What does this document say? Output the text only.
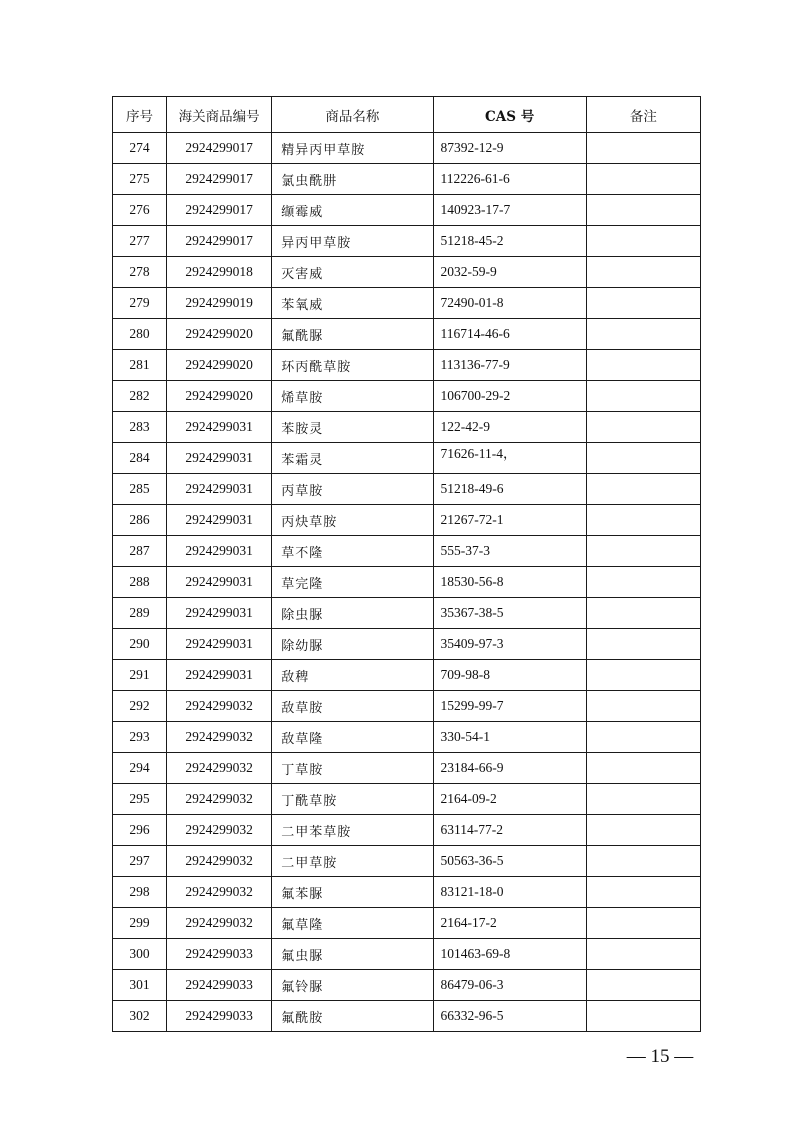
序号	海关商品编号	商品名称	CAS 号	备注
274	2924299017	精异丙甲草胺	87392-12-9	
275	2924299017	氯虫酰肼	112226-61-6	
276	2924299017	缬霉威	140923-17-7	
277	2924299017	异丙甲草胺	51218-45-2	
278	2924299018	灭害威	2032-59-9	
279	2924299019	苯氧威	72490-01-8	
280	2924299020	氟酰脲	116714-46-6	
281	2924299020	环丙酰草胺	113136-77-9	
282	2924299020	烯草胺	106700-29-2	
283	2924299031	苯胺灵	122-42-9	
284	2924299031	苯霜灵	71626-11-4，	

285	2924299031	丙草胺	51218-49-6	
286	2924299031	丙炔草胺	21267-72-1	
287	2924299031	草不隆	555-37-3	
288	2924299031	草完隆	18530-56-8	
289	2924299031	除虫脲	35367-38-5	
290	2924299031	除幼脲	35409-97-3	
291	2924299031	敌稗	709-98-8	
292	2924299032	敌草胺	15299-99-7	
293	2924299032	敌草隆	330-54-1	
294	2924299032	丁草胺	23184-66-9	
295	2924299032	丁酰草胺	2164-09-2	
296	2924299032	二甲苯草胺	63114-77-2	
297	2924299032	二甲草胺	50563-36-5	
298	2924299032	氟苯脲	83121-18-0	
299	2924299032	氟草隆	2164-17-2	
300	2924299033	氟虫脲	101463-69-8	
301	2924299033	氟铃脲	86479-06-3	
302	2924299033	氟酰胺	66332-96-5	
— 15 —
